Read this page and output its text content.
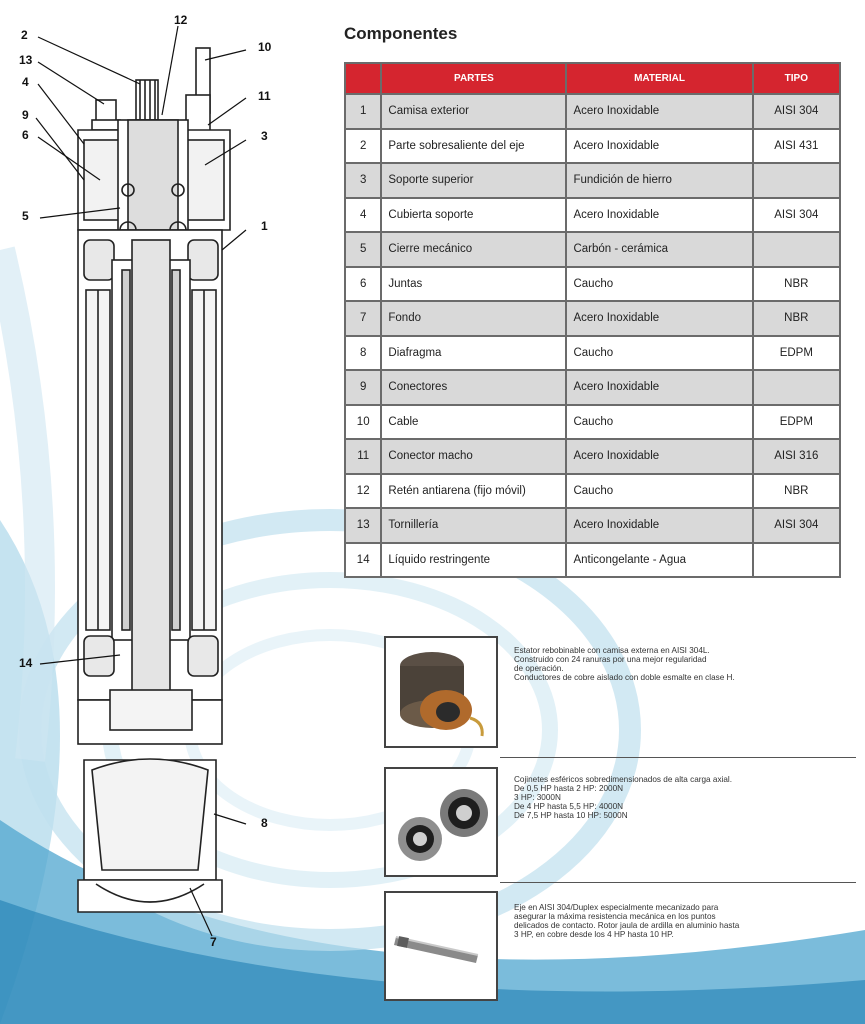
2
12
10
13
4
11
9
3
6
5
1
14
8
7
Componentes
	PARTES	MATERIAL	TIPO
1	Camisa exterior	Acero Inoxidable	AISI 304
2	Parte sobresaliente del eje	Acero Inoxidable	AISI 431
3	Soporte superior	Fundición de hierro	
4	Cubierta soporte	Acero Inoxidable	AISI 304
5	Cierre mecánico	Carbón - cerámica	
6	Juntas	Caucho	NBR
7	Fondo	Acero Inoxidable	NBR
8	Diafragma	Caucho	EDPM
9	Conectores	Acero Inoxidable	
10	Cable	Caucho	EDPM
11	Conector macho	Acero Inoxidable	AISI 316
12	Retén antiarena (fijo móvil)	Caucho	NBR
13	Tornillería	Acero Inoxidable	AISI 304
14	Líquido restringente	Anticongelante - Agua	
Estator rebobinable con camisa externa en AISI 304L.
Construido con 24 ranuras por una mejor regularidad
de operación.
Conductores de cobre aislado con doble esmalte en clase H.
Cojinetes esféricos sobredimensionados de alta carga axial.
De 0,5 HP hasta 2 HP: 2000N
3 HP: 3000N
De 4 HP hasta 5,5 HP: 4000N
De 7,5 HP hasta 10 HP: 5000N
Eje en AISI 304/Duplex especialmente mecanizado para
asegurar la máxima resistencia mecánica en los puntos
delicados de contacto. Rotor jaula de ardilla en aluminio hasta
3 HP, en cobre desde los 4 HP hasta 10 HP.
